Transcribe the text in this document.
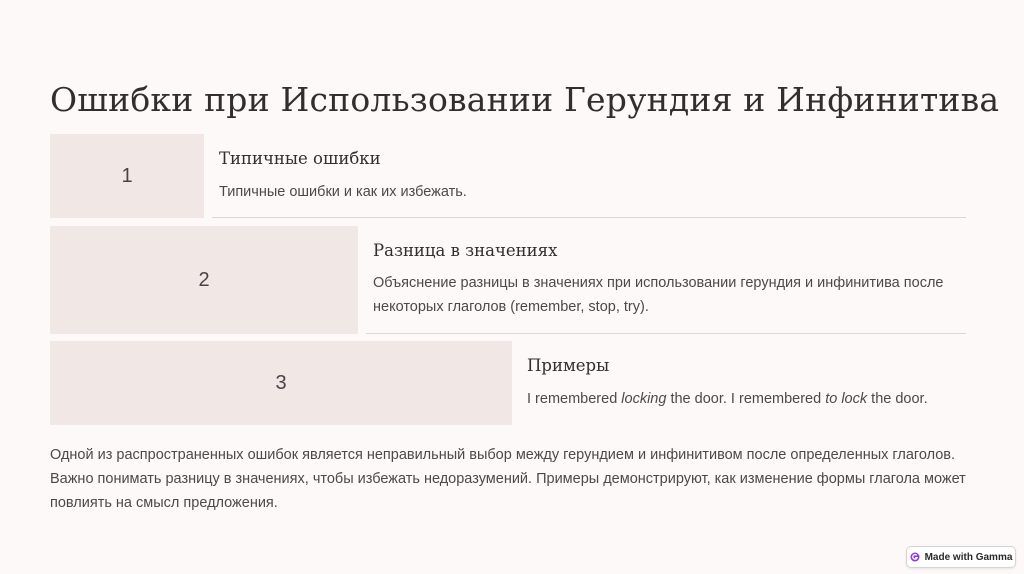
Ошибки при Использовании Герундия и Инфинитива
1
Типичные ошибки
Типичные ошибки и как их избежать.
2
Разница в значениях
Объяснение разницы в значениях при использовании герундия и инфинитива после некоторых глаголов (remember, stop, try).
3
Примеры
I remembered locking the door. I remembered to lock the door.

Одной из распространенных ошибок является неправильный выбор между герундием и инфинитивом после определенных глаголов. Важно понимать разницу в значениях, чтобы избежать недоразумений. Примеры демонстрируют, как изменение формы глагола может повлиять на смысл предложения.

Made with Gamma
